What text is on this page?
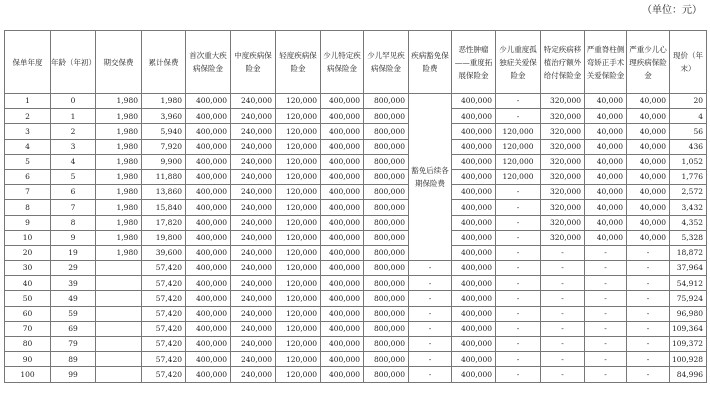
（单位：元）
保单年度	年龄（年初）	期交保费	累计保费	首次重大疾病保险金	中度疾病保险金	轻度疾病保险金	少儿特定疾病保险金	少儿罕见疾病保险金	疾病豁免保险费	恶性肿瘤——重度拓展保险金	少儿重度孤独症关爱保险金	特定疾病移植治疗额外给付保险金	严重脊柱侧弯矫正手术关爱保险金	严重少儿心理疾病保险金	现价（年末）
1	0	1,980	1,980	400,000	240,000	120,000	400,000	800,000	豁免后续各期保险费	400,000	-	320,000	40,000	40,000	20
2	1	1,980	3,960	400,000	240,000	120,000	400,000	800,000		400,000	-	320,000	40,000	40,000	4
3	2	1,980	5,940	400,000	240,000	120,000	400,000	800,000		400,000	120,000	320,000	40,000	40,000	56
4	3	1,980	7,920	400,000	240,000	120,000	400,000	800,000		400,000	120,000	320,000	40,000	40,000	436
5	4	1,980	9,900	400,000	240,000	120,000	400,000	800,000		400,000	120,000	320,000	40,000	40,000	1,052
6	5	1,980	11,880	400,000	240,000	120,000	400,000	800,000		400,000	120,000	320,000	40,000	40,000	1,776
7	6	1,980	13,860	400,000	240,000	120,000	400,000	800,000		400,000	-	320,000	40,000	40,000	2,572
8	7	1,980	15,840	400,000	240,000	120,000	400,000	800,000		400,000	-	320,000	40,000	40,000	3,432
9	8	1,980	17,820	400,000	240,000	120,000	400,000	800,000		400,000	-	320,000	40,000	40,000	4,352
10	9	1,980	19,800	400,000	240,000	120,000	400,000	800,000		400,000	-	320,000	40,000	40,000	5,328
20	19	1,980	39,600	400,000	240,000	120,000	400,000	800,000		400,000	-	-	-	-	18,872
30	29		57,420	400,000	240,000	120,000	400,000	800,000	-	400,000	-	-	-	-	37,964
40	39		57,420	400,000	240,000	120,000	400,000	800,000	-	400,000	-	-	-	-	54,912
50	49		57,420	400,000	240,000	120,000	400,000	800,000	-	400,000	-	-	-	-	75,924
60	59		57,420	400,000	240,000	120,000	400,000	800,000	-	400,000	-	-	-	-	96,980
70	69		57,420	400,000	240,000	120,000	400,000	800,000	-	400,000	-	-	-	-	109,364
80	79		57,420	400,000	240,000	120,000	400,000	800,000	-	400,000	-	-	-	-	109,372
90	89		57,420	400,000	240,000	120,000	400,000	800,000	-	400,000	-	-	-	-	100,928
100	99		57,420	400,000	240,000	120,000	400,000	800,000	-	400,000	-	-	-	-	84,996
